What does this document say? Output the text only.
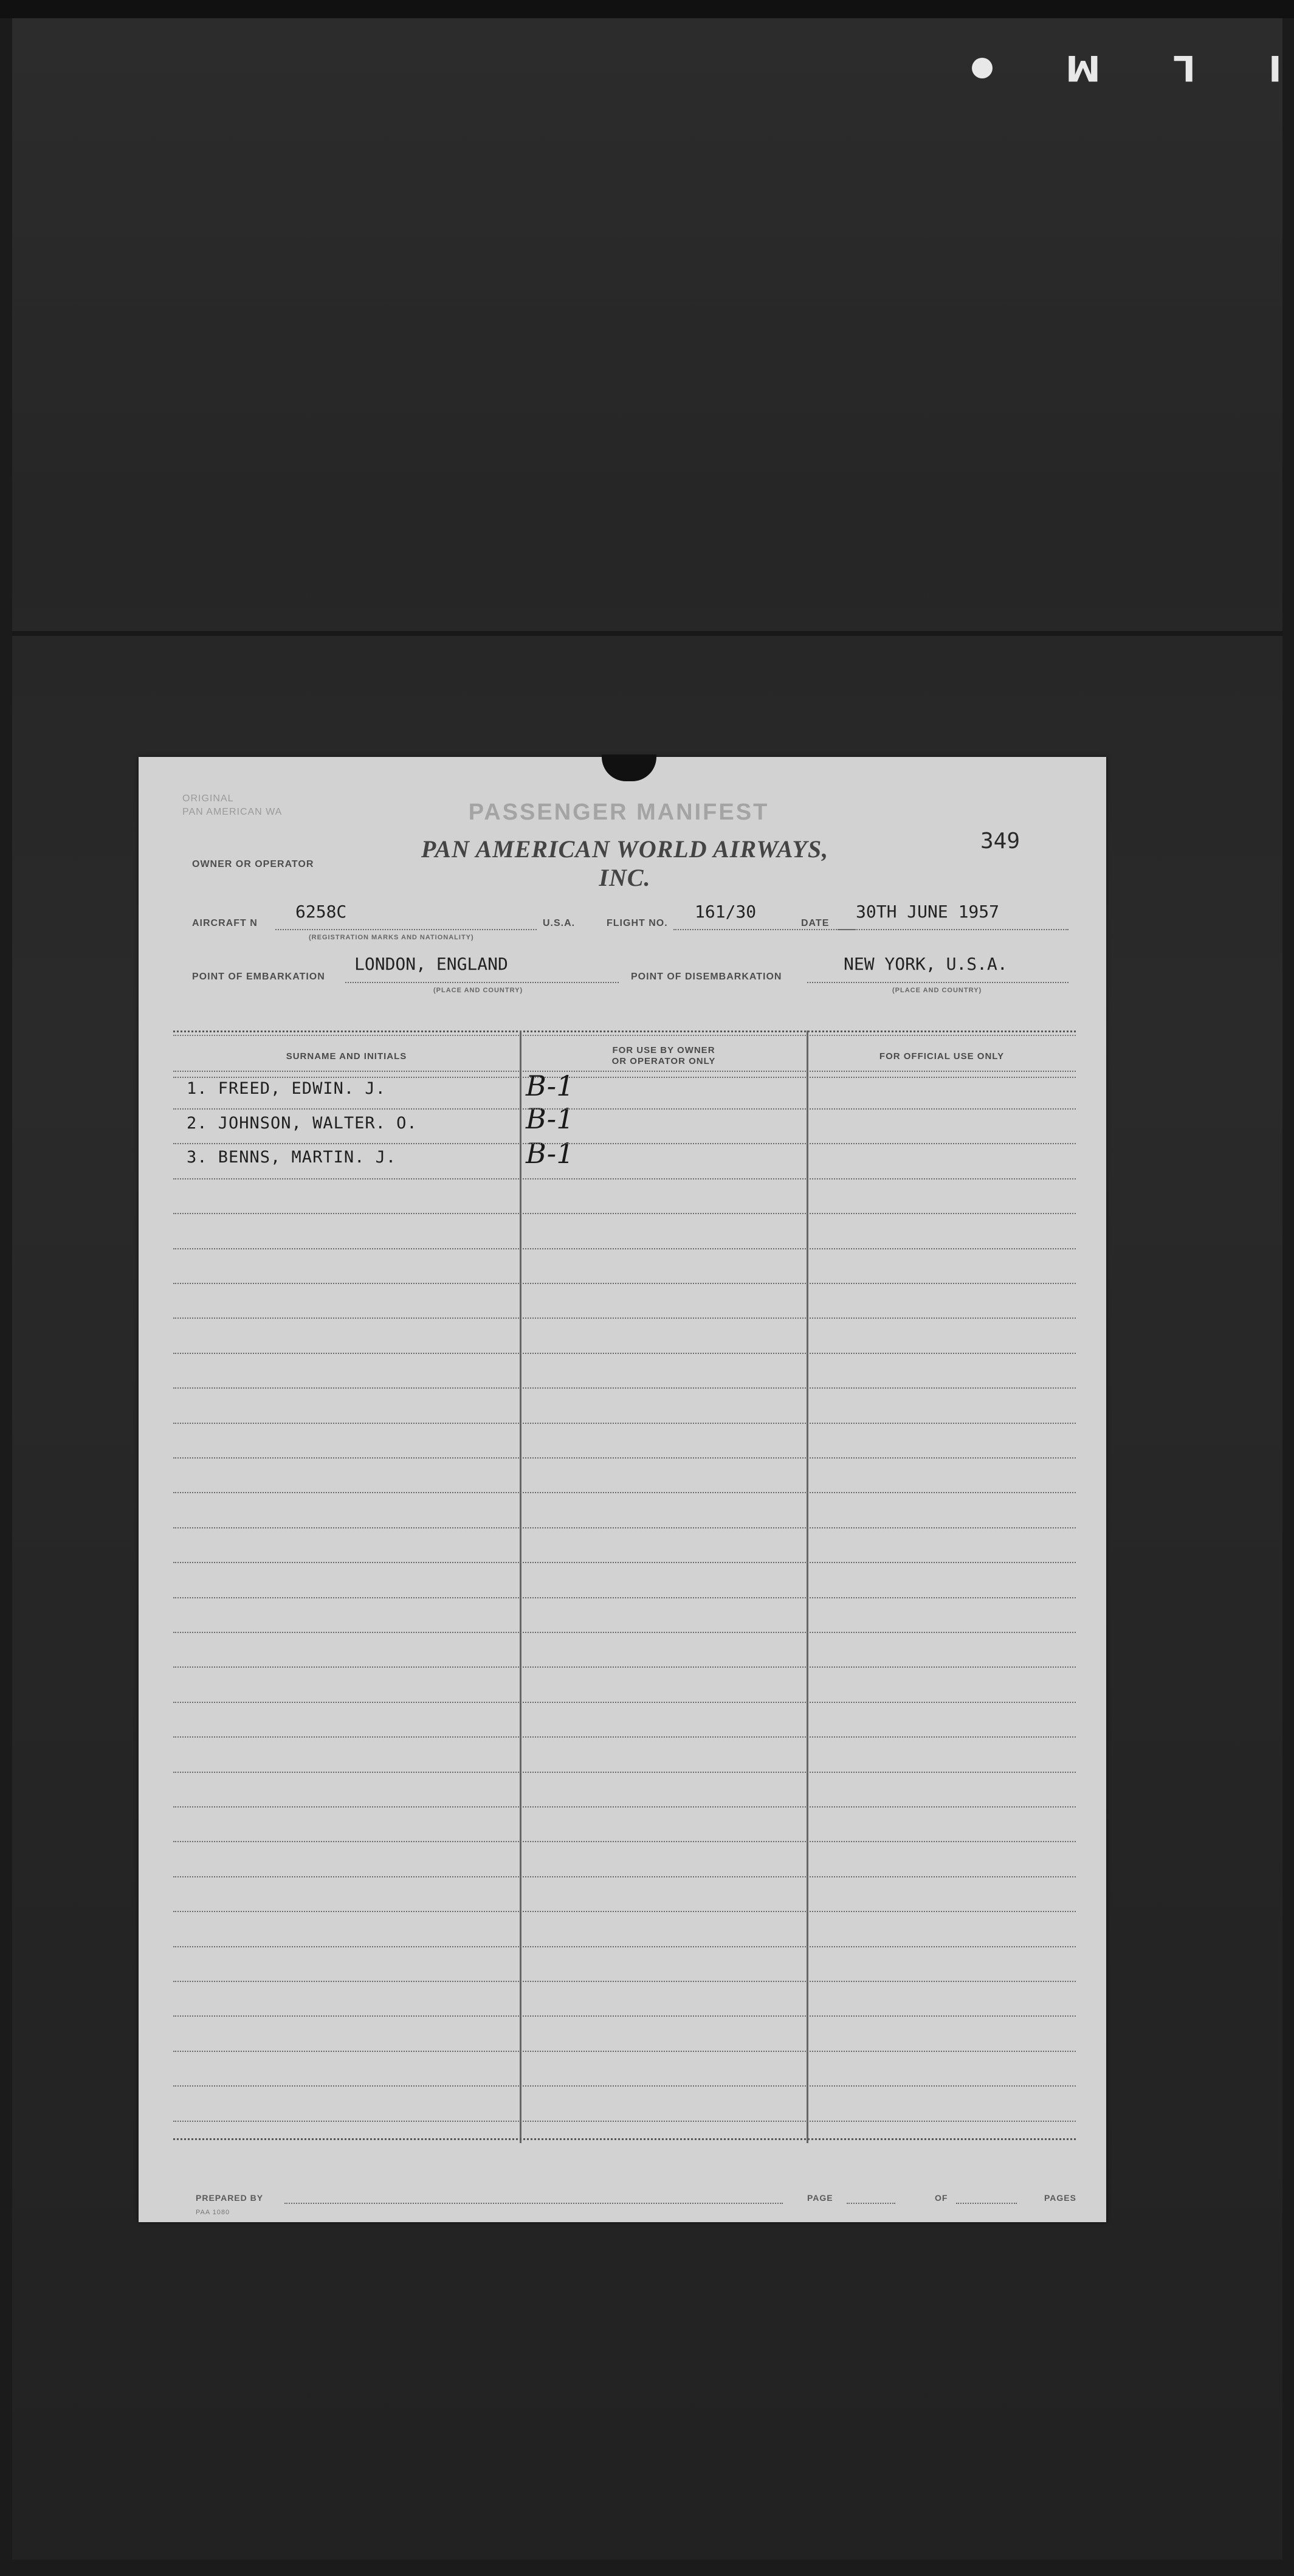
M L I
ORIGINAL
PAN AMERICAN WA	PASSENGER MANIFEST
OWNER OR OPERATOR
PAN AMERICAN WORLD AIRWAYS, INC.
349
AIRCRAFT N
6258C
(REGISTRATION MARKS AND NATIONALITY)
U.S.A.	FLIGHT NO.
161/30
DATE
30TH JUNE 1957
POINT OF EMBARKATION
LONDON, ENGLAND
(PLACE AND COUNTRY)
POINT OF DISEMBARKATION
NEW YORK, U.S.A.
(PLACE AND COUNTRY)
SURNAME AND INITIALS
FOR USE BY OWNER
OR OPERATOR ONLY	FOR OFFICIAL USE ONLY
1. FREED, EDWIN. J.	B-1
2. JOHNSON, WALTER. O.	B-1
3. BENNS, MARTIN. J.	B-1
PREPARED BY	PAGE	OF	PAGES
PAA 1080
